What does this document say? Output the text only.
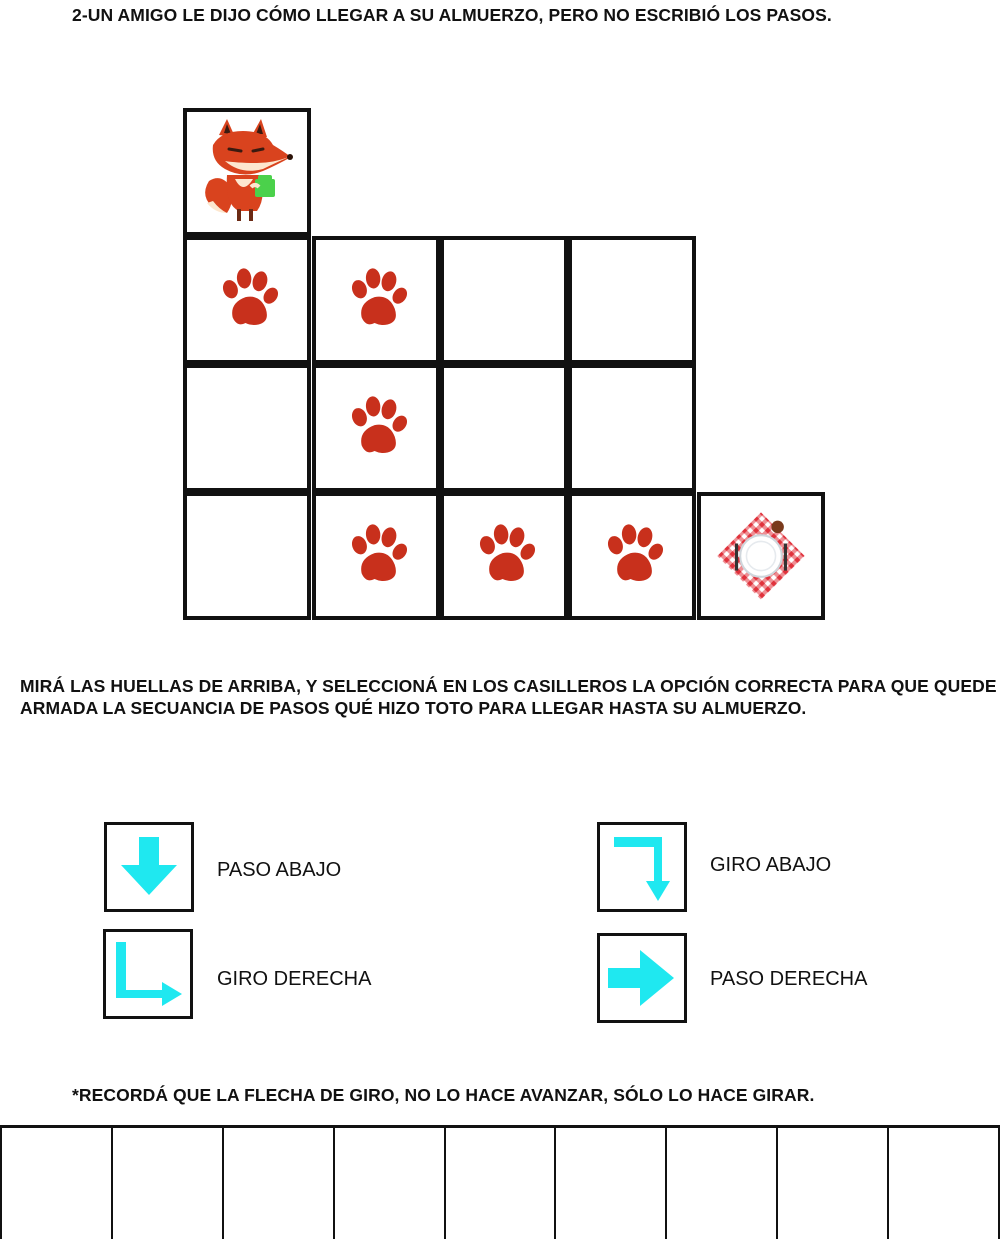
2-UN AMIGO LE DIJO CÓMO LLEGAR A SU ALMUERZO, PERO NO ESCRIBIÓ LOS PASOS.
MIRÁ LAS HUELLAS DE ARRIBA, Y SELECCIONÁ EN LOS CASILLEROS LA OPCIÓN CORRECTA PARA QUE QUEDE ARMADA LA SECUANCIA DE PASOS QUÉ HIZO TOTO PARA LLEGAR HASTA SU ALMUERZO.
PASO ABAJO	GIRO ABAJO
GIRO DERECHA	PASO DERECHA
*RECORDÁ QUE LA FLECHA DE GIRO, NO LO HACE AVANZAR, SÓLO LO HACE GIRAR.
